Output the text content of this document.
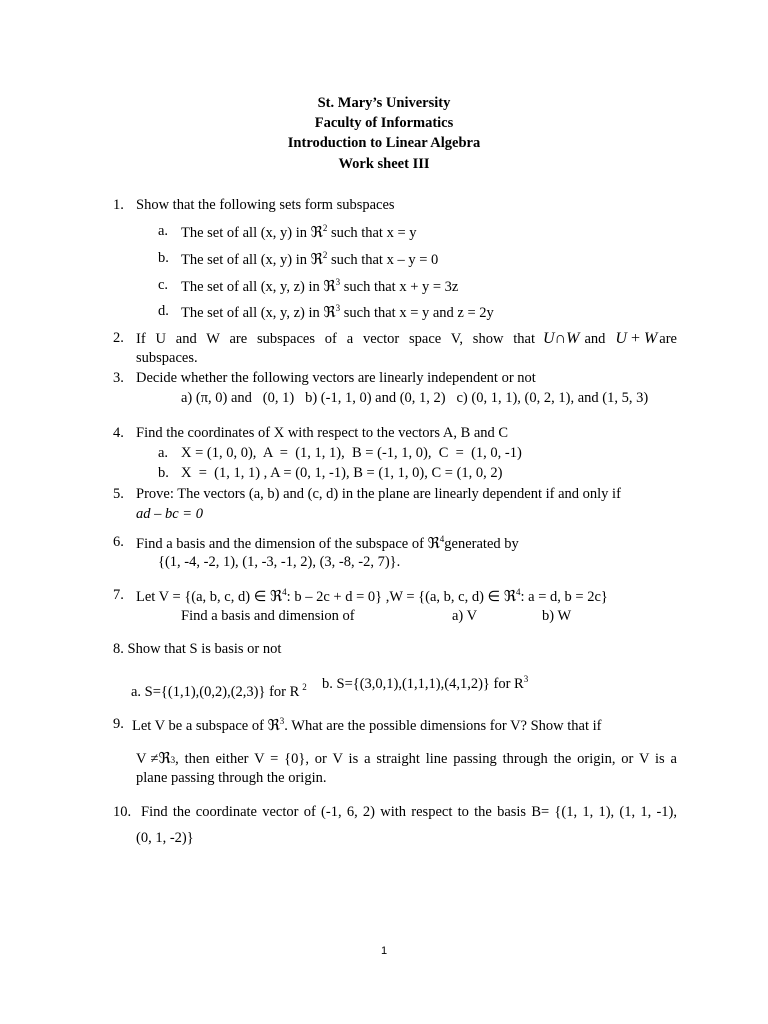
St. Mary’s University
Faculty of Informatics
Introduction to Linear Algebra
Work sheet III
1. Show that the following sets form subspaces
a. The set of all (x, y) in ℜ$^2$ such that x = y
b. The set of all (x, y) in ℜ$^2$ such that x – y = 0
c. The set of all (x, y, z) in ℜ$^3$ such that x + y = 3z
d. The set of all (x, y, z) in ℜ$^3$ such that x = y and z = 2y
2. If U and W are subspaces of a vector space V, show that U∩W and U + W are
subspaces.
3. Decide whether the following vectors are linearly independent or not
a) (π, 0) and   (0, 1)   b) (-1, 1, 0) and (0, 1, 2)   c) (0, 1, 1), (0, 2, 1), and (1, 5, 3)
4. Find the coordinates of X with respect to the vectors A, B and C
a. X = (1, 0, 0),  A  =  (1, 1, 1),  B = (-1, 1, 0),  C  =  (1, 0, -1)
b. X  =  (1, 1, 1) , A = (0, 1, -1), B = (1, 1, 0), C = (1, 0, 2)
5. Prove: The vectors (a, b) and (c, d) in the plane are linearly dependent if and only if
ad – bc = 0
6. Find a basis and the dimension of the subspace of ℜ$^4$generated by
{(1, -4, -2, 1), (1, -3, -1, 2), (3, -8, -2, 7)}.
7. Let V = {(a, b, c, d) ∈ ℜ$^4$: b – 2c + d = 0} ,W = {(a, b, c, d) ∈ ℜ$^4$: a = d, b = 2c}
Find a basis and dimension of	a) V	b) W
8. Show that S is basis or not
a. S={(1,1),(0,2),(2,3)} for R $^2$ b. S={(3,0,1),(1,1,1),(4,1,2)} for $R^3$
9. Let V be a subspace of ℜ$^3$. What are the possible dimensions for V? Show that if
V ≠ ℜ 3 , then either V = {0}, or V is a straight line passing through the origin, or V is a
plane passing through the origin.
10. Find the coordinate vector of (-1, 6, 2) with respect to the basis B= {(1, 1, 1), (1, 1, -1),
(0, 1, -2)}
1
